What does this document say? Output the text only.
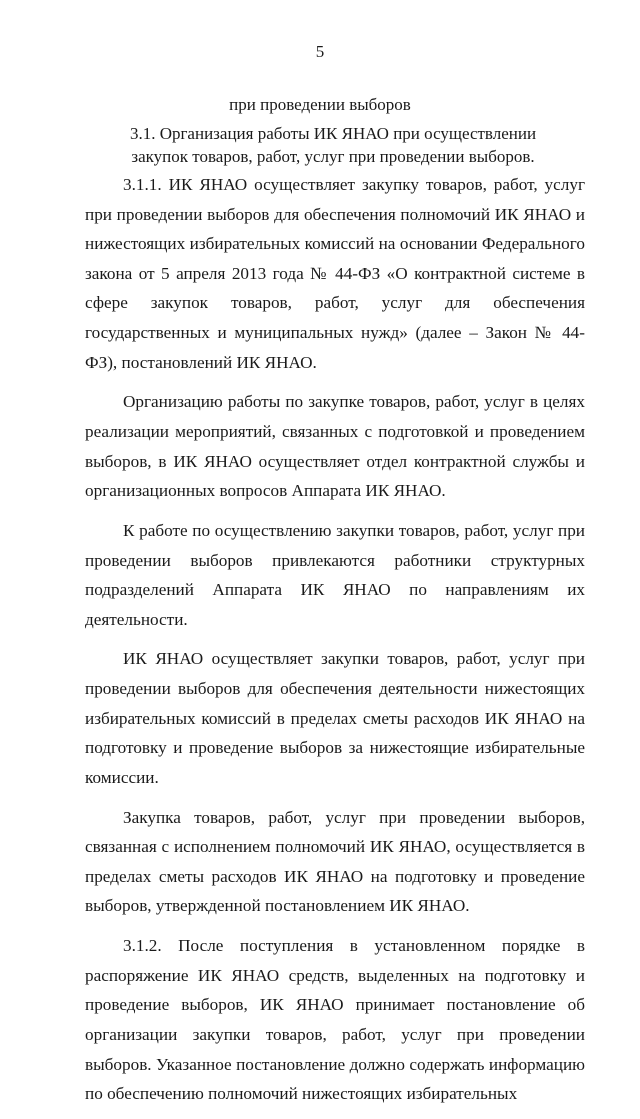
5
при проведении выборов
3.1. Организация работы ИК ЯНАО при осуществлении закупок товаров, работ, услуг при проведении выборов.

3.1.1. ИК ЯНАО осуществляет закупку товаров, работ, услуг при проведении выборов для обеспечения полномочий ИК ЯНАО и нижестоящих избирательных комиссий на основании Федерального закона от 5 апреля 2013 года № 44-ФЗ «О контрактной системе в сфере закупок товаров, работ, услуг для обеспечения государственных и муниципальных нужд» (далее – Закон № 44-ФЗ), постановлений ИК ЯНАО.

Организацию работы по закупке товаров, работ, услуг в целях реализации мероприятий, связанных с подготовкой и проведением выборов, в ИК ЯНАО осуществляет отдел контрактной службы и организационных вопросов Аппарата ИК ЯНАО.

К работе по осуществлению закупки товаров, работ, услуг при проведении выборов привлекаются работники структурных подразделений Аппарата ИК ЯНАО по направлениям их деятельности.

ИК ЯНАО осуществляет закупки товаров, работ, услуг при проведении выборов для обеспечения деятельности нижестоящих избирательных комиссий в пределах сметы расходов ИК ЯНАО на подготовку и проведение выборов за нижестоящие избирательные комиссии.

Закупка товаров, работ, услуг при проведении выборов, связанная с исполнением полномочий ИК ЯНАО, осуществляется в пределах сметы расходов ИК ЯНАО на подготовку и проведение выборов, утвержденной постановлением ИК ЯНАО.

3.1.2. После поступления в установленном порядке в распоряжение ИК ЯНАО средств, выделенных на подготовку и проведение выборов, ИК ЯНАО принимает постановление об организации закупки товаров, работ, услуг при проведении выборов. Указанное постановление должно содержать информацию по обеспечению полномочий нижестоящих избирательных
